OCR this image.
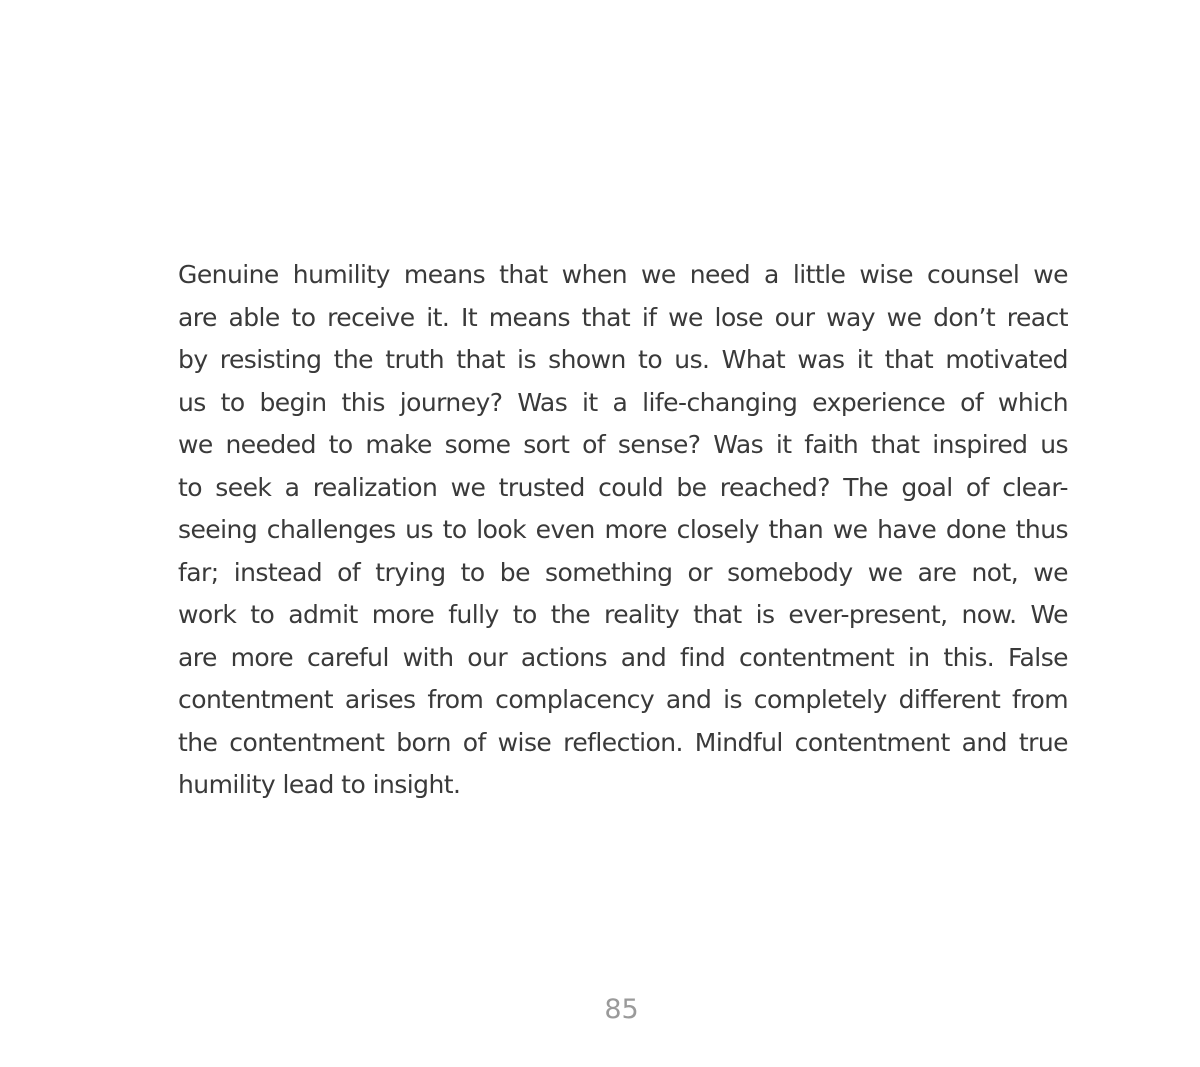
Genuine humility means that when we need a little wise counsel we
are able to receive it. It means that if we lose our way we don’t react
by resisting the truth that is shown to us. What was it that motivated
us to begin this journey? Was it a life-changing experience of which
we needed to make some sort of sense? Was it faith that inspired us
to seek a realization we trusted could be reached? The goal of clear-
seeing challenges us to look even more closely than we have done thus
far; instead of trying to be something or somebody we are not, we
work to admit more fully to the reality that is ever-present, now. We
are more careful with our actions and find contentment in this. False
contentment arises from complacency and is completely different from
the contentment born of wise reflection. Mindful contentment and true
humility lead to insight.
85
